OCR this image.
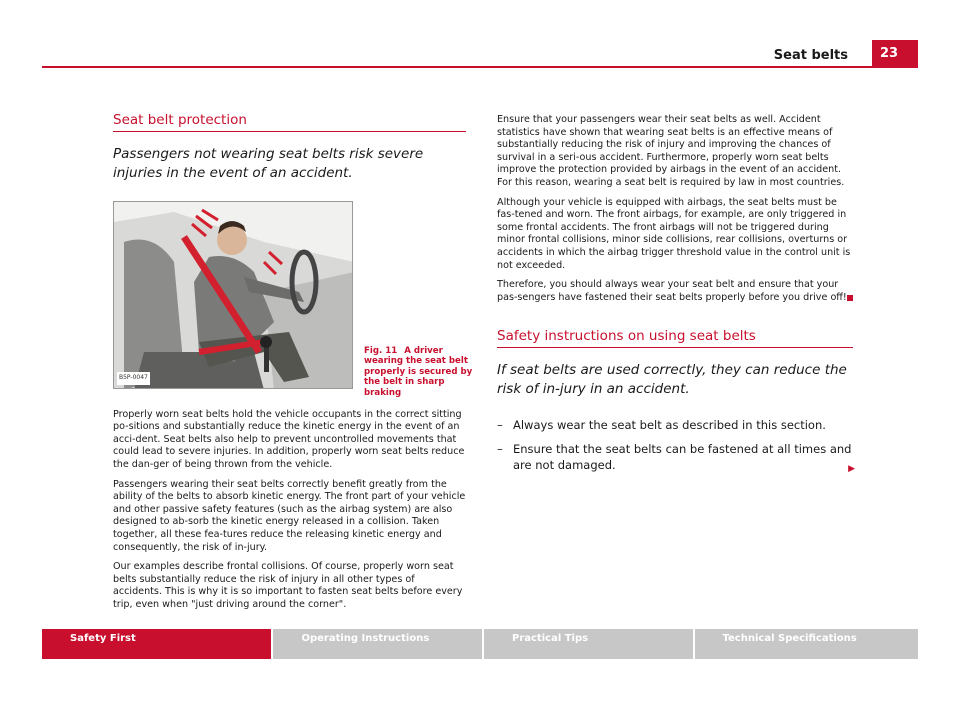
Seat belts	23
Seat belt protection
Passengers not wearing seat belts risk severe injuries in the event of an accident.
B5P-0047
Fig. 11 A driver wearing the seat belt properly is secured by the belt in sharp braking

Properly worn seat belts hold the vehicle occupants in the correct sitting po-sitions and substantially reduce the kinetic energy in the event of an acci-dent. Seat belts also help to prevent uncontrolled movements that could lead to severe injuries. In addition, properly worn seat belts reduce the dan-ger of being thrown from the vehicle.

Passengers wearing their seat belts correctly benefit greatly from the ability of the belts to absorb kinetic energy. The front part of your vehicle and other passive safety features (such as the airbag system) are also designed to ab-sorb the kinetic energy released in a collision. Taken together, all these fea-tures reduce the releasing kinetic energy and consequently, the risk of in-jury.

Our examples describe frontal collisions. Of course, properly worn seat belts substantially reduce the risk of injury in all other types of accidents. This is why it is so important to fasten seat belts before every trip, even when "just driving around the corner".

Ensure that your passengers wear their seat belts as well. Accident statistics have shown that wearing seat belts is an effective means of substantially reducing the risk of injury and improving the chances of survival in a seri-ous accident. Furthermore, properly worn seat belts improve the protection provided by airbags in the event of an accident. For this reason, wearing a seat belt is required by law in most countries.

Although your vehicle is equipped with airbags, the seat belts must be fas-tened and worn. The front airbags, for example, are only triggered in some frontal accidents. The front airbags will not be triggered during minor frontal collisions, minor side collisions, rear collisions, overturns or accidents in which the airbag trigger threshold value in the control unit is not exceeded.

Therefore, you should always wear your seat belt and ensure that your pas-sengers have fastened their seat belts properly before you drive off!

Safety instructions on using seat belts
If seat belts are used correctly, they can reduce the risk of in-jury in an accident.
– Always wear the seat belt as described in this section.
– Ensure that the seat belts can be fastened at all times and are not damaged.	▶
Safety First	Operating Instructions	Practical Tips	Technical Specifications
